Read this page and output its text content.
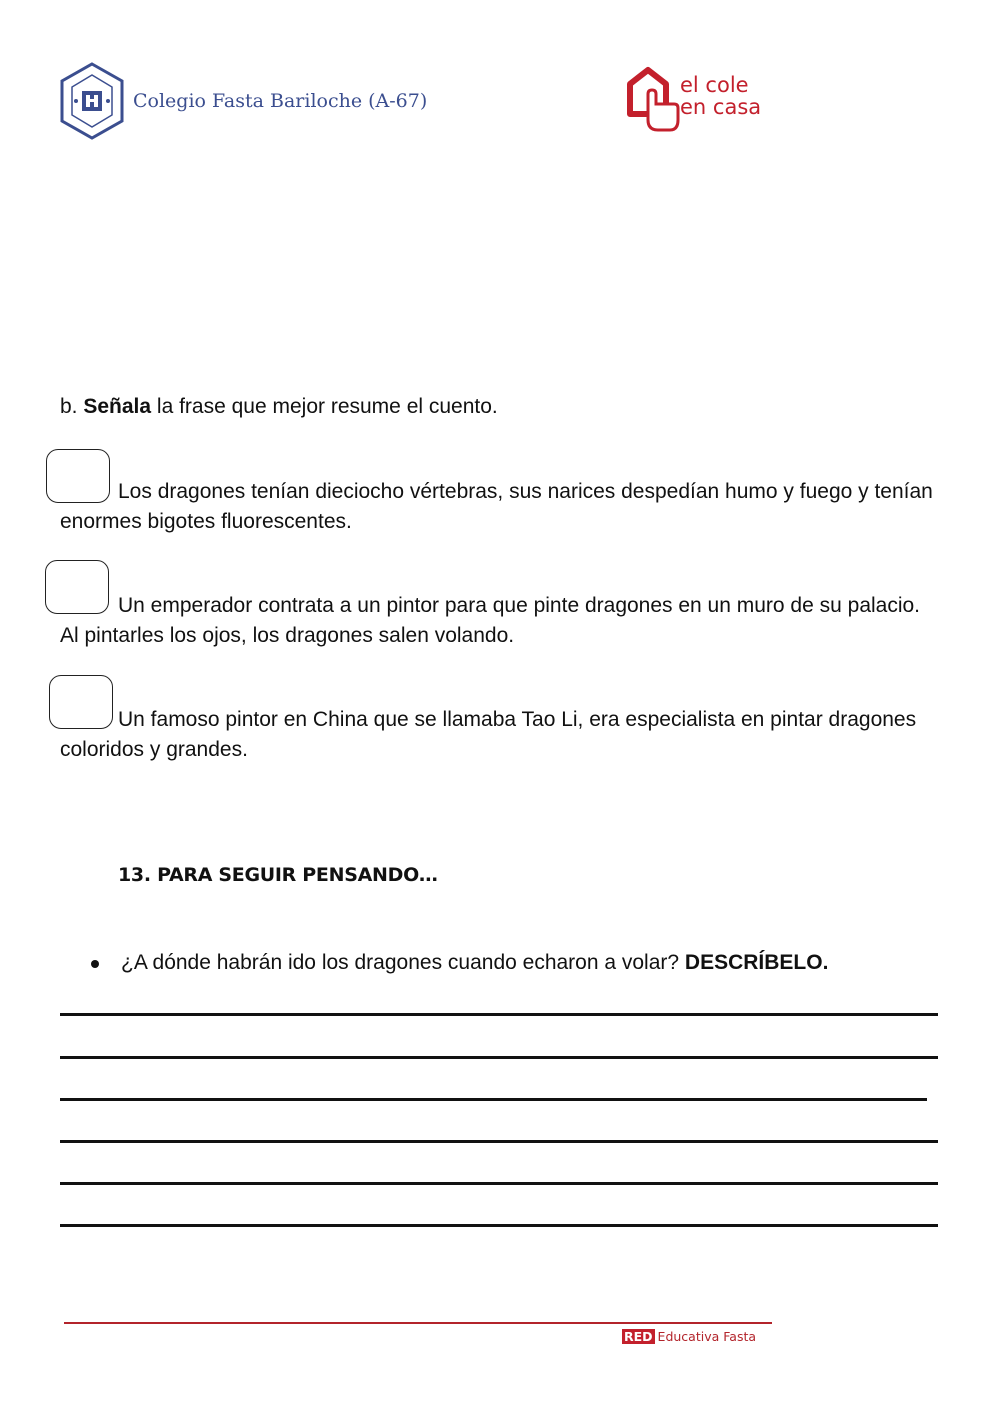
Colegio Fasta Bariloche (A-67)
el cole
en casa
b. Señala la frase que mejor resume el cuento.
Los dragones tenían dieciocho vértebras, sus narices despedían humo y fuego y tenían enormes bigotes fluorescentes.
Un emperador contrata a un pintor para que pinte dragones en un muro de su palacio. Al pintarles los ojos, los dragones salen volando.
Un famoso pintor en China que se llamaba Tao Li, era especialista en pintar dragones coloridos y grandes.
13. PARA SEGUIR PENSANDO…
¿A dónde habrán ido los dragones cuando echaron a volar? DESCRÍBELO.
RED Educativa Fasta
